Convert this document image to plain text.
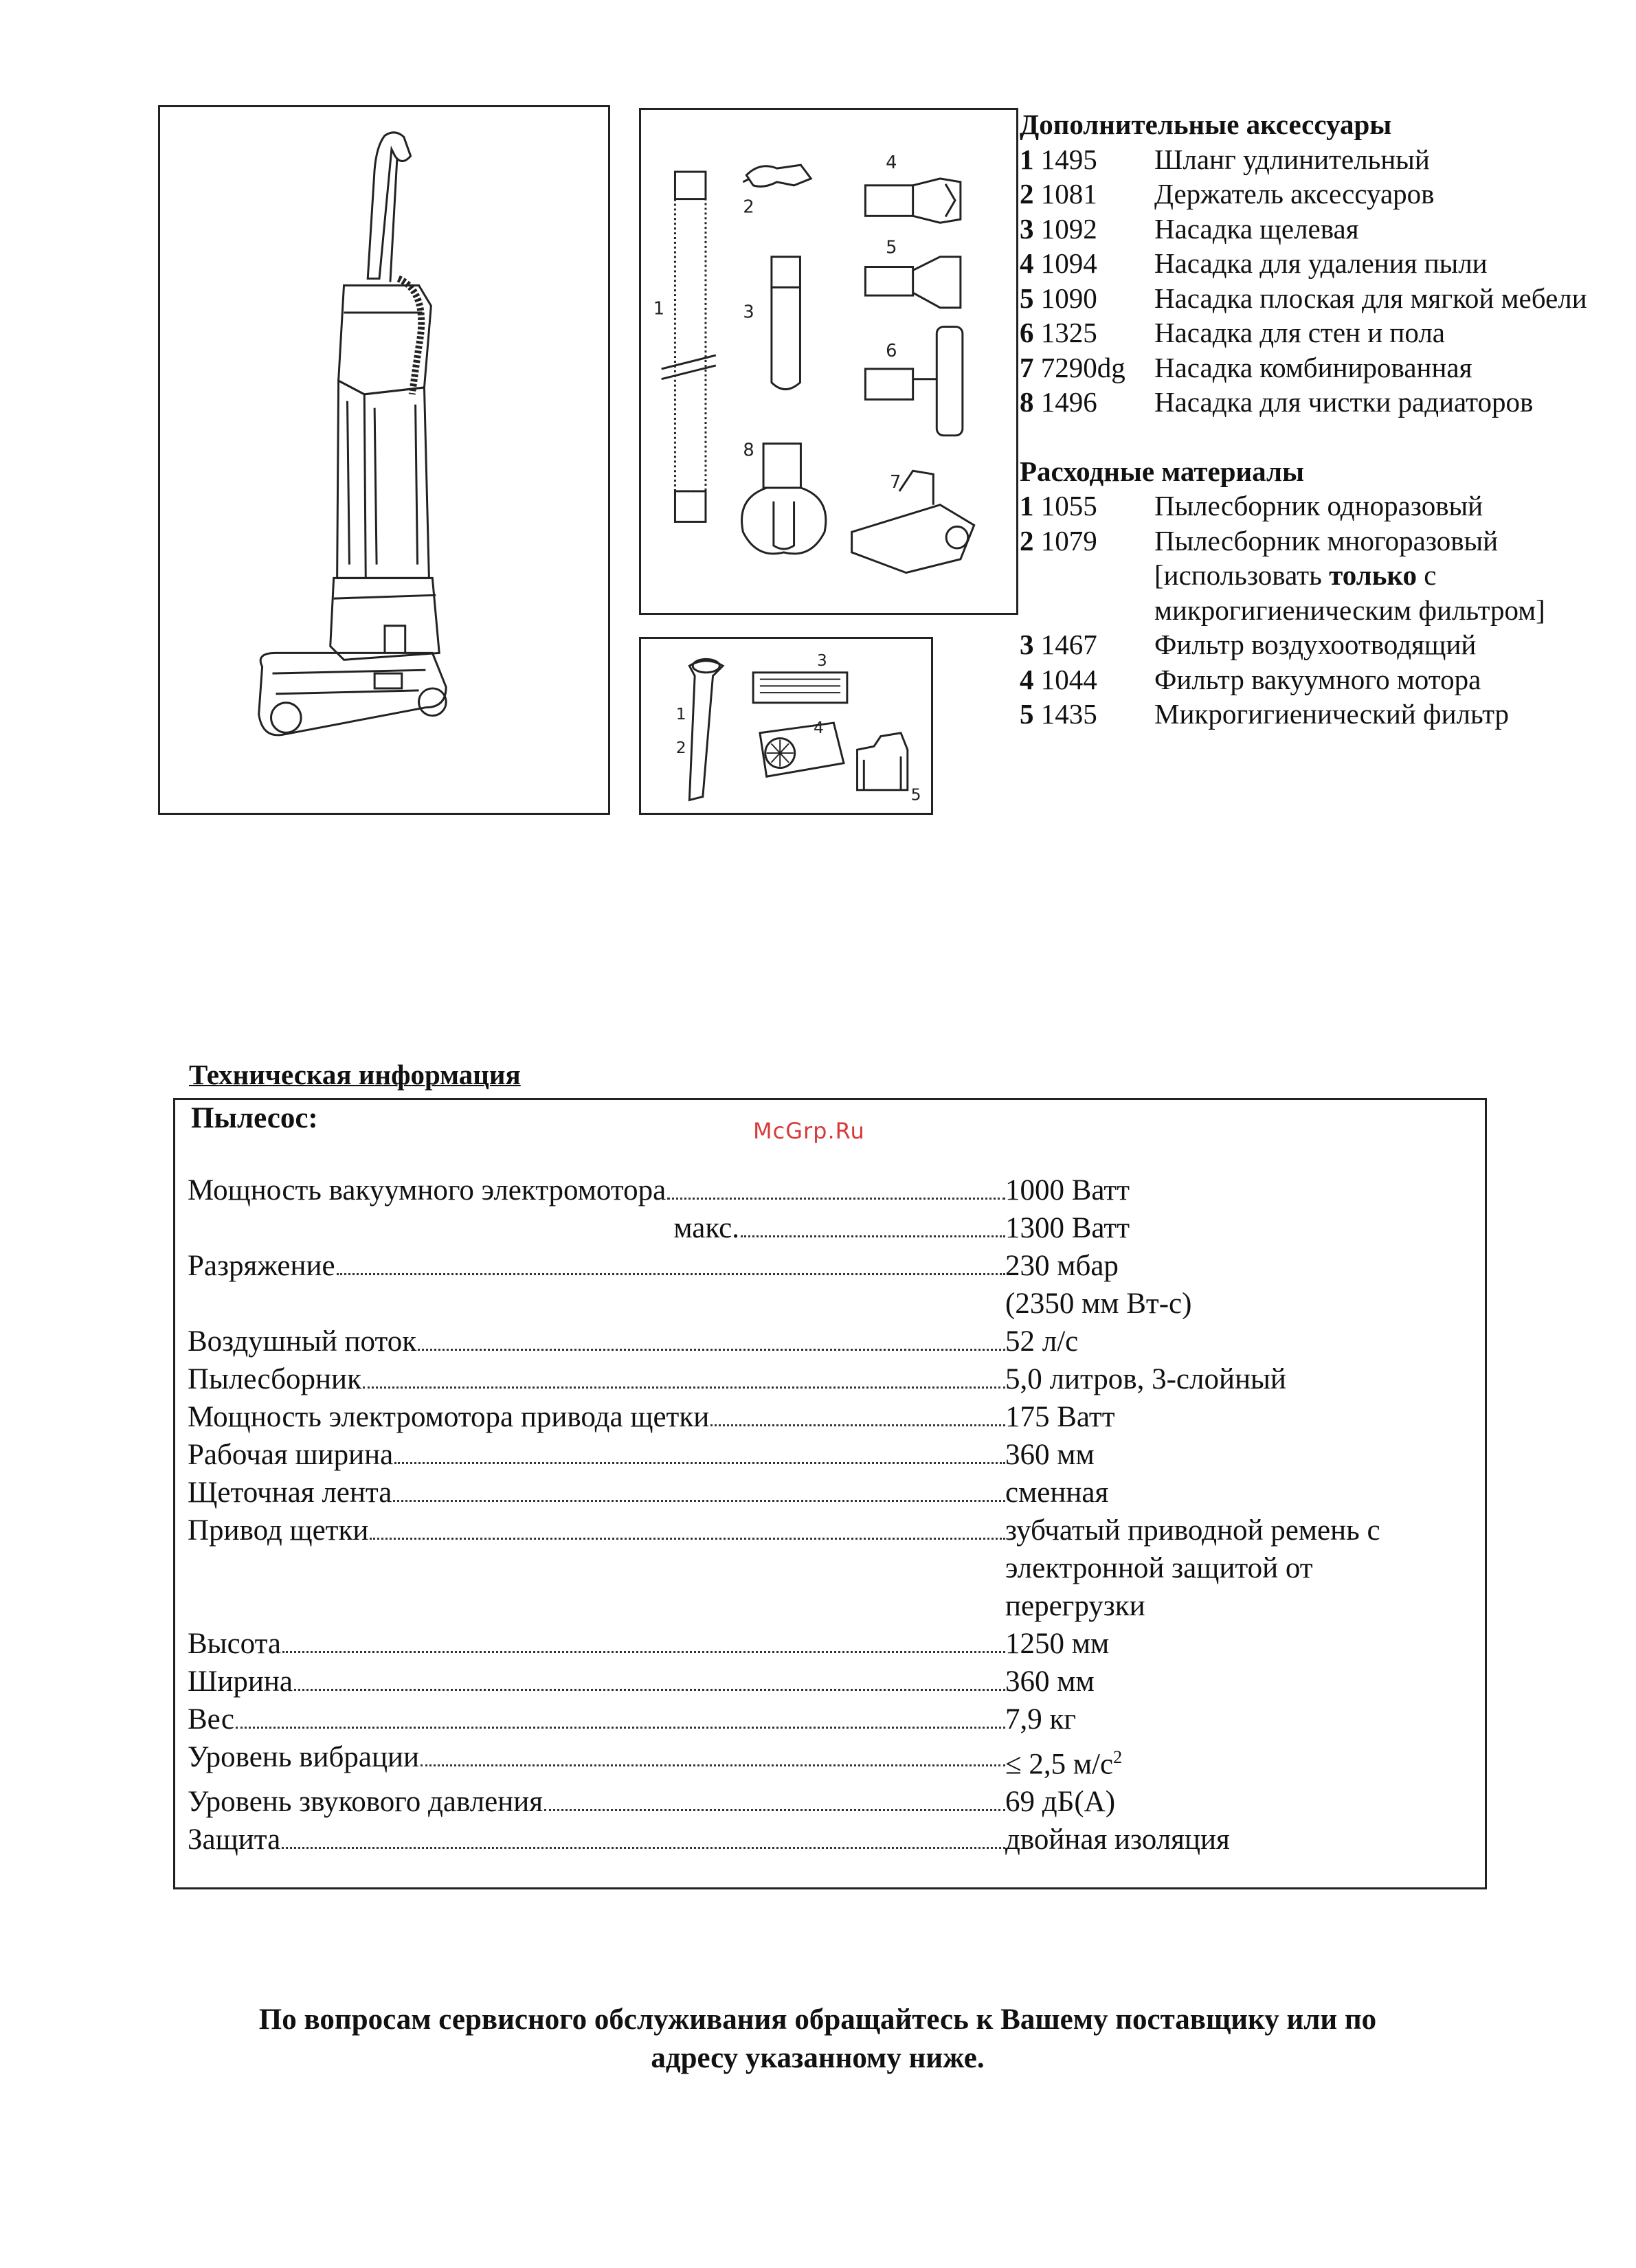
1
2
3
4
5
6
7
8
1
2
3
4
5
Дополнительные аксессуары
1 1495	Шланг удлинительный
2 1081	Держатель аксессуаров
3 1092	Насадка щелевая
4 1094	Насадка для удаления пыли
5 1090	Насадка плоская для мягкой мебели
6 1325	Насадка для стен и пола
7 7290dg	Насадка комбинированная
8 1496	Насадка для чистки радиаторов
Расходные материалы
1 1055	Пылесборник одноразовый
2 1079	Пылесборник многоразовый
[использовать только с микрогигиеническим фильтром]
3 1467	Фильтр воздухоотводящий
4 1044	Фильтр вакуумного мотора
5 1435	Микрогигиенический фильтр
Техническая информация
Пылесос:	McGrp.Ru
Мощность вакуумного электромотора	1000 Ватт
макс.	1300 Ватт
Разряжение	230 мбар
(2350 мм Вт-с)
Воздушный поток	52 л/с
Пылесборник	5,0 литров, 3-слойный
Мощность электромотора привода щетки	175 Ватт
Рабочая ширина	360 мм
Щеточная лента	сменная
Привод щетки	зубчатый приводной ремень с электронной защитой от перегрузки
Высота	1250 мм
Ширина	360 мм
Вес	7,9 кг
Уровень вибрации	≤ 2,5 $м/с^2$
Уровень звукового давления	69 дБ(А)
Защита	двойная изоляция
По вопросам сервисного обслуживания обращайтесь к Вашему поставщику или по
адресу указанному ниже.
